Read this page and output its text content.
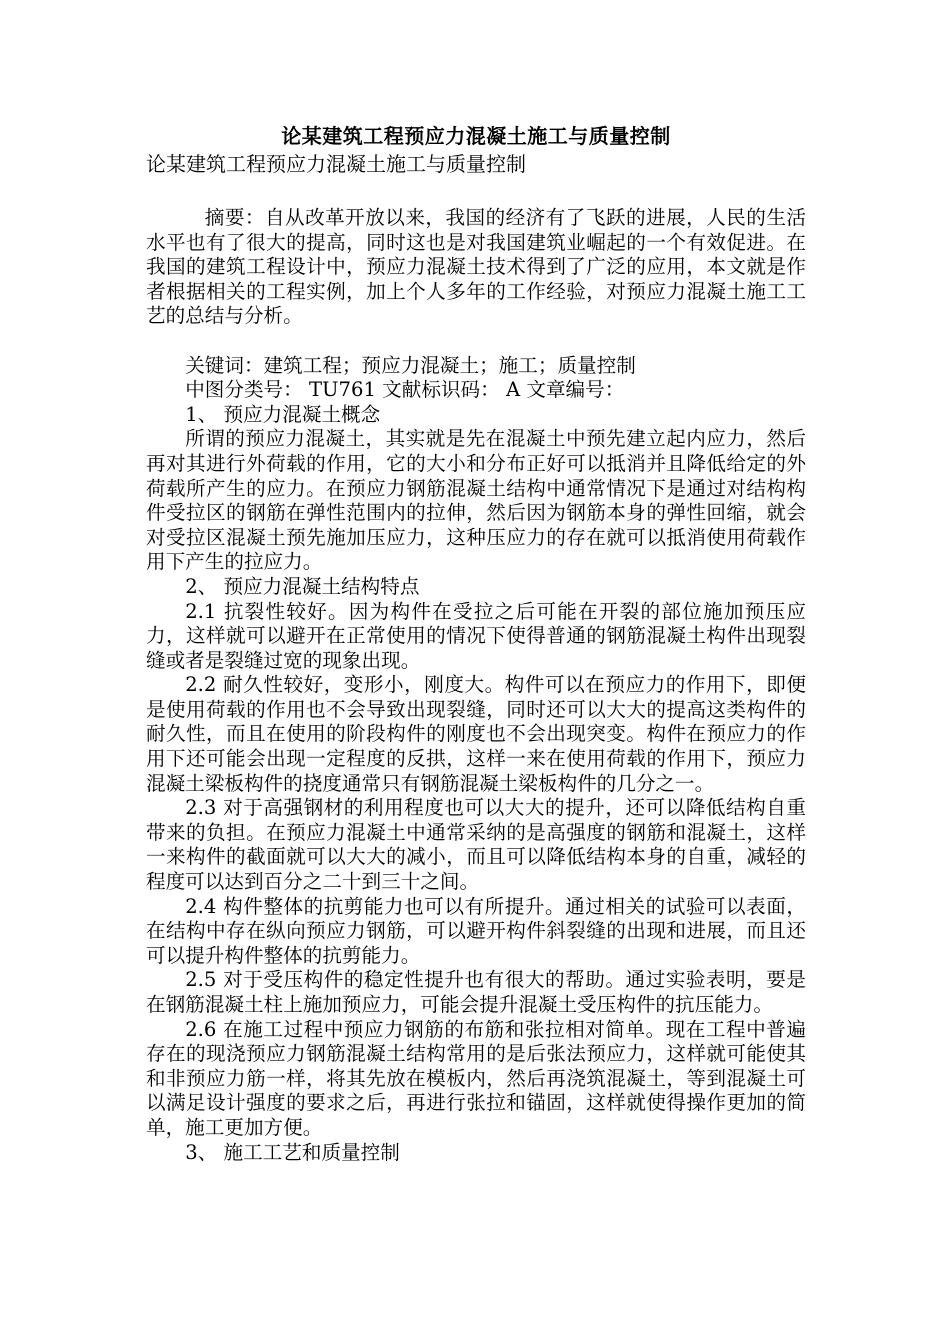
论某建筑工程预应力混凝土施工与质量控制
论某建筑工程预应力混凝土施工与质量控制

摘要：自从改革开放以来，我国的经济有了飞跃的进展，人民的生活水平也有了很大的提高，同时这也是对我国建筑业崛起的一个有效促进。在我国的建筑工程设计中，预应力混凝土技术得到了广泛的应用，本文就是作者根据相关的工程实例，加上个人多年的工作经验，对预应力混凝土施工工艺的总结与分析。

关键词：建筑工程；预应力混凝土；施工；质量控制
中图分类号： TU761 文献标识码： A 文章编号：
1、 预应力混凝土概念

所谓的预应力混凝土，其实就是先在混凝土中预先建立起内应力，然后再对其进行外荷载的作用，它的大小和分布正好可以抵消并且降低给定的外荷载所产生的应力。在预应力钢筋混凝土结构中通常情况下是通过对结构构件受拉区的钢筋在弹性范围内的拉伸，然后因为钢筋本身的弹性回缩，就会对受拉区混凝土预先施加压应力，这种压应力的存在就可以抵消使用荷载作用下产生的拉应力。

2、 预应力混凝土结构特点

2.1 抗裂性较好。因为构件在受拉之后可能在开裂的部位施加预压应力，这样就可以避开在正常使用的情况下使得普通的钢筋混凝土构件出现裂缝或者是裂缝过宽的现象出现。

2.2 耐久性较好，变形小，刚度大。构件可以在预应力的作用下，即便是使用荷载的作用也不会导致出现裂缝，同时还可以大大的提高这类构件的耐久性，而且在使用的阶段构件的刚度也不会出现突变。构件在预应力的作用下还可能会出现一定程度的反拱，这样一来在使用荷载的作用下，预应力混凝土梁板构件的挠度通常只有钢筋混凝土梁板构件的几分之一。

2.3 对于高强钢材的利用程度也可以大大的提升，还可以降低结构自重带来的负担。在预应力混凝土中通常采纳的是高强度的钢筋和混凝土，这样一来构件的截面就可以大大的减小，而且可以降低结构本身的自重，减轻的程度可以达到百分之二十到三十之间。

2.4 构件整体的抗剪能力也可以有所提升。通过相关的试验可以表面，在结构中存在纵向预应力钢筋，可以避开构件斜裂缝的出现和进展，而且还可以提升构件整体的抗剪能力。

2.5 对于受压构件的稳定性提升也有很大的帮助。通过实验表明，要是在钢筋混凝土柱上施加预应力，可能会提升混凝土受压构件的抗压能力。

2.6 在施工过程中预应力钢筋的布筋和张拉相对简单。现在工程中普遍存在的现浇预应力钢筋混凝土结构常用的是后张法预应力，这样就可能使其和非预应力筋一样，将其先放在模板内，然后再浇筑混凝土，等到混凝土可以满足设计强度的要求之后，再进行张拉和锚固，这样就使得操作更加的简单，施工更加方便。

3、 施工工艺和质量控制
